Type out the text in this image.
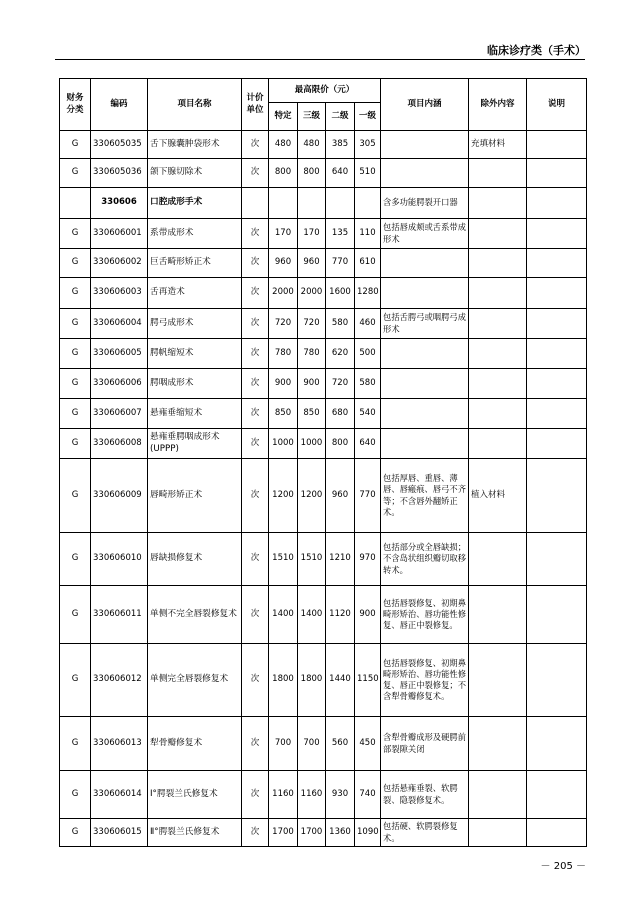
临床诊疗类（手术）
财务
分类	编码	项目名称	计价
单位	最高限价（元）				项目内涵	除外内容	说明
				特定	三级	二级	一级			
G	330605035	舌下腺囊肿袋形术	次	480	480	385	305		充填材料	
G	330605036	颌下腺切除术	次	800	800	640	510			
	330606	口腔成形手术						含多功能腭裂开口器		
G	330606001	系带成形术	次	170	170	135	110	包括唇成颊或舌系带成形术		
G	330606002	巨舌畸形矫正术	次	960	960	770	610			
G	330606003	舌再造术	次	2000	2000	1600	1280			
G	330606004	腭弓成形术	次	720	720	580	460	包括舌腭弓或咽腭弓成形术		
G	330606005	腭帆缩短术	次	780	780	620	500			
G	330606006	腭咽成形术	次	900	900	720	580			
G	330606007	悬雍垂缩短术	次	850	850	680	540			
G	330606008	悬雍垂腭咽成形术(UPPP)	次	1000	1000	800	640			
G	330606009	唇畸形矫正术	次	1200	1200	960	770	包括厚唇、重唇、薄唇、唇瘢痕、唇弓不齐等；不含唇外翻矫正术。	植入材料	
G	330606010	唇缺损修复术	次	1510	1510	1210	970	包括部分或全唇缺损；不含岛状组织瓣切取移转术。		
G	330606011	单侧不完全唇裂修复术	次	1400	1400	1120	900	包括唇裂修复、初期鼻畸形矫治、唇功能性修复、唇正中裂修复。		
G	330606012	单侧完全唇裂修复术	次	1800	1800	1440	1150	包括唇裂修复、初期鼻畸形矫治、唇功能性修复、唇正中裂修复；不含犁骨瓣修复术。		
G	330606013	犁骨瓣修复术	次	700	700	560	450	含犁骨瓣成形及硬腭前部裂隙关闭		
G	330606014	Ⅰ°腭裂兰氏修复术	次	1160	1160	930	740	包括悬雍垂裂、软腭裂、隐裂修复术。		
G	330606015	Ⅱ°腭裂兰氏修复术	次	1700	1700	1360	1090	包括硬、软腭裂修复术。		
－ 205 －
